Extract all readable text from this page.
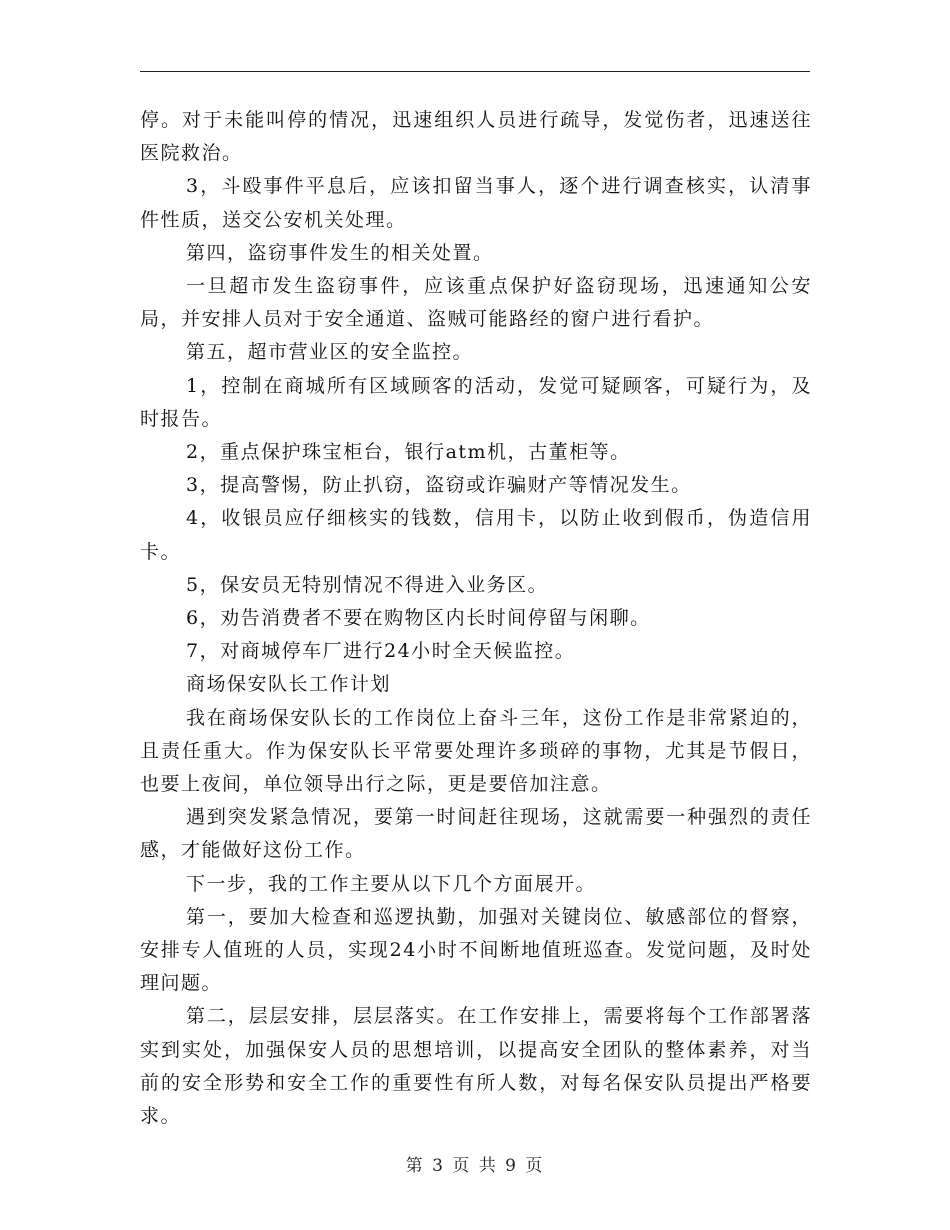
停。对于未能叫停的情况，迅速组织人员进行疏导，发觉伤者，迅速送往医院救治。

3，斗殴事件平息后，应该扣留当事人，逐个进行调查核实，认清事件性质，送交公安机关处理。

第四，盗窃事件发生的相关处置。

一旦超市发生盗窃事件，应该重点保护好盗窃现场，迅速通知公安局，并安排人员对于安全通道、盗贼可能路经的窗户进行看护。

第五，超市营业区的安全监控。

1，控制在商城所有区域顾客的活动，发觉可疑顾客，可疑行为，及时报告。

2，重点保护珠宝柜台，银行atm机，古董柜等。

3，提高警惕，防止扒窃，盗窃或诈骗财产等情况发生。

4，收银员应仔细核实的钱数，信用卡，以防止收到假币，伪造信用卡。

5，保安员无特别情况不得进入业务区。

6，劝告消费者不要在购物区内长时间停留与闲聊。

7，对商城停车厂进行24小时全天候监控。

商场保安队长工作计划

我在商场保安队长的工作岗位上奋斗三年，这份工作是非常紧迫的，且责任重大。作为保安队长平常要处理许多琐碎的事物，尤其是节假日，也要上夜间，单位领导出行之际，更是要倍加注意。

遇到突发紧急情况，要第一时间赶往现场，这就需要一种强烈的责任感，才能做好这份工作。

下一步，我的工作主要从以下几个方面展开。

第一，要加大检查和巡逻执勤，加强对关键岗位、敏感部位的督察，安排专人值班的人员，实现24小时不间断地值班巡查。发觉问题，及时处理问题。

第二，层层安排，层层落实。在工作安排上，需要将每个工作部署落实到实处，加强保安人员的思想培训，以提高安全团队的整体素养，对当前的安全形势和安全工作的重要性有所人数，对每名保安队员提出严格要求。

第 3 页 共 9 页
